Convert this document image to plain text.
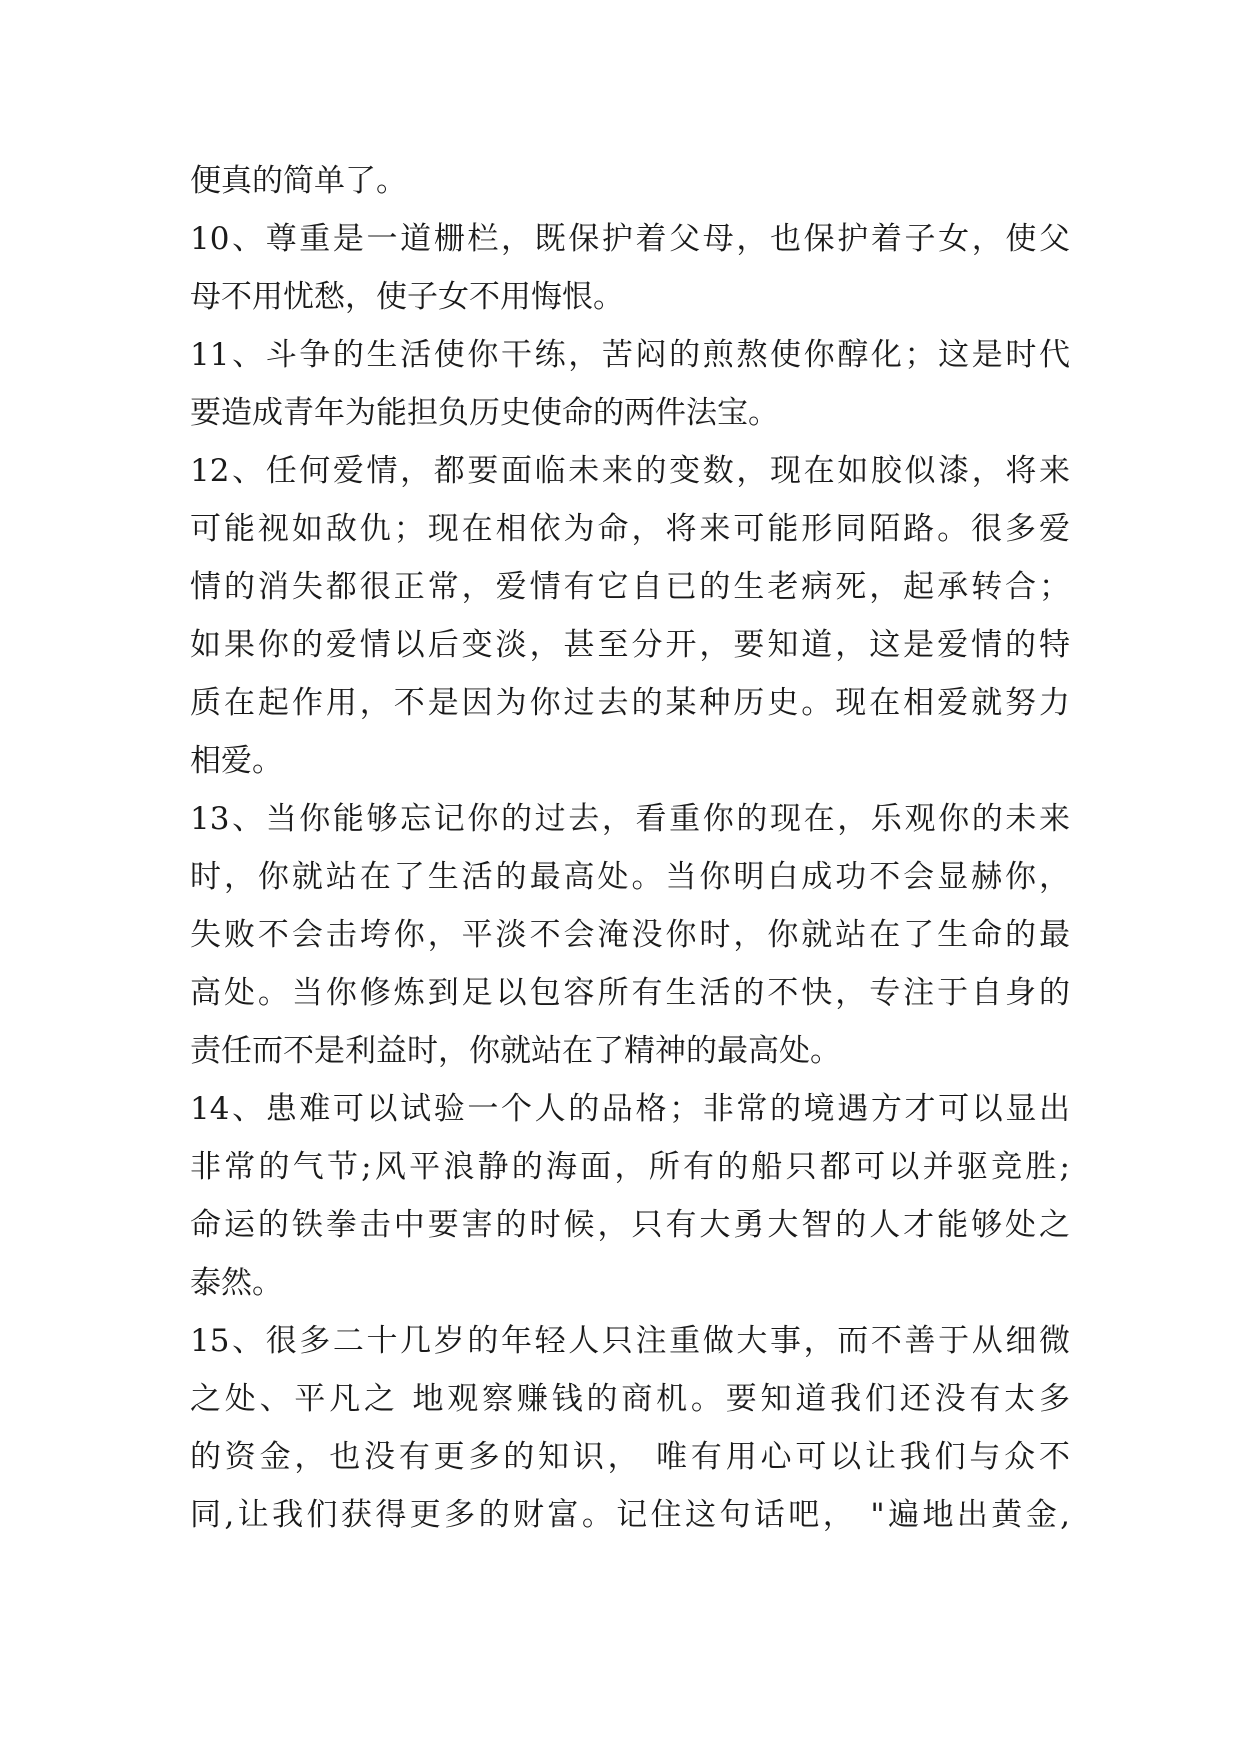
便真的简单了。
10、尊重是一道栅栏，既保护着父母，也保护着子女，使父
母不用忧愁，使子女不用悔恨。
11、斗争的生活使你干练，苦闷的煎熬使你醇化；这是时代
要造成青年为能担负历史使命的两件法宝。
12、任何爱情，都要面临未来的变数，现在如胶似漆，将来
可能视如敌仇；现在相依为命，将来可能形同陌路。很多爱
情的消失都很正常，爱情有它自已的生老病死，起承转合；
如果你的爱情以后变淡，甚至分开，要知道，这是爱情的特
质在起作用，不是因为你过去的某种历史。现在相爱就努力
相爱。
13、当你能够忘记你的过去，看重你的现在，乐观你的未来
时，你就站在了生活的最高处。当你明白成功不会显赫你，
失败不会击垮你，平淡不会淹没你时，你就站在了生命的最
高处。当你修炼到足以包容所有生活的不快，专注于自身的
责任而不是利益时，你就站在了精神的最高处。
14、患难可以试验一个人的品格；非常的境遇方才可以显出
非常的气节;风平浪静的海面，所有的船只都可以并驱竞胜;
命运的铁拳击中要害的时候，只有大勇大智的人才能够处之
泰然。
15、很多二十几岁的年轻人只注重做大事，而不善于从细微
之处、平凡之 地观察赚钱的商机。要知道我们还没有太多
的资金，也没有更多的知识， 唯有用心可以让我们与众不
同,让我们获得更多的财富。记住这句话吧， "遍地出黄金,
